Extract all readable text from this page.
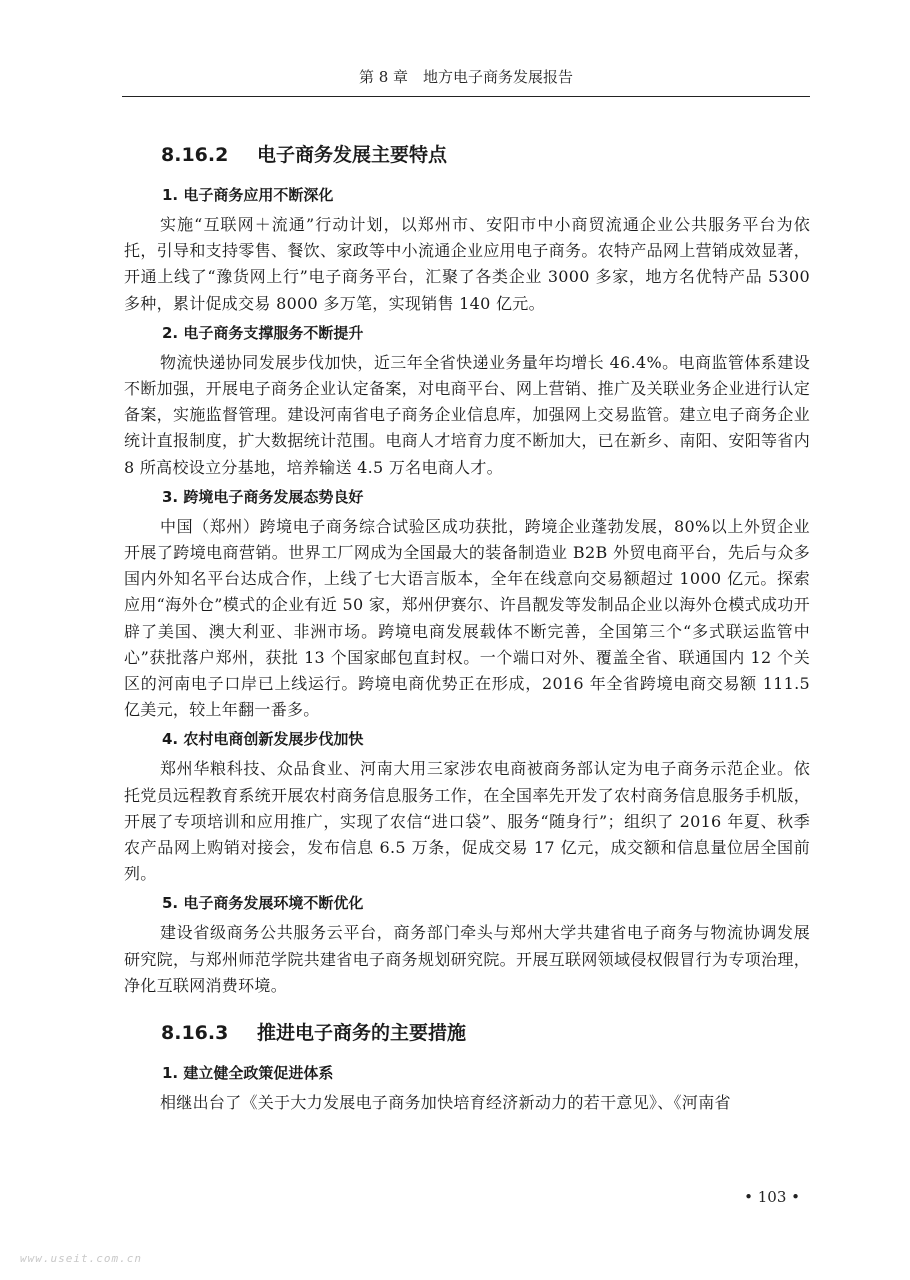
第 8 章　地方电子商务发展报告
8.16.2 电子商务发展主要特点
1. 电子商务应用不断深化

实施“互联网＋流通”行动计划，以郑州市、安阳市中小商贸流通企业公共服务平台为依托，引导和支持零售、餐饮、家政等中小流通企业应用电子商务。农特产品网上营销成效显著，开通上线了“豫货网上行”电子商务平台，汇聚了各类企业 3000 多家，地方名优特产品 5300 多种，累计促成交易 8000 多万笔，实现销售 140 亿元。

2. 电子商务支撑服务不断提升

物流快递协同发展步伐加快，近三年全省快递业务量年均增长 46.4%。电商监管体系建设不断加强，开展电子商务企业认定备案，对电商平台、网上营销、推广及关联业务企业进行认定备案，实施监督管理。建设河南省电子商务企业信息库，加强网上交易监管。建立电子商务企业统计直报制度，扩大数据统计范围。电商人才培育力度不断加大，已在新乡、南阳、安阳等省内 8 所高校设立分基地，培养输送 4.5 万名电商人才。

3. 跨境电子商务发展态势良好

中国（郑州）跨境电子商务综合试验区成功获批，跨境企业蓬勃发展，80%以上外贸企业开展了跨境电商营销。世界工厂网成为全国最大的装备制造业 B2B 外贸电商平台，先后与众多国内外知名平台达成合作，上线了七大语言版本，全年在线意向交易额超过 1000 亿元。探索应用“海外仓”模式的企业有近 50 家，郑州伊赛尔、许昌靓发等发制品企业以海外仓模式成功开辟了美国、澳大利亚、非洲市场。跨境电商发展载体不断完善，全国第三个“多式联运监管中心”获批落户郑州，获批 13 个国家邮包直封权。一个端口对外、覆盖全省、联通国内 12 个关区的河南电子口岸已上线运行。跨境电商优势正在形成，2016 年全省跨境电商交易额 111.5 亿美元，较上年翻一番多。

4. 农村电商创新发展步伐加快

郑州华粮科技、众品食业、河南大用三家涉农电商被商务部认定为电子商务示范企业。依托党员远程教育系统开展农村商务信息服务工作，在全国率先开发了农村商务信息服务手机版，开展了专项培训和应用推广，实现了农信“进口袋”、服务“随身行”；组织了 2016 年夏、秋季农产品网上购销对接会，发布信息 6.5 万条，促成交易 17 亿元，成交额和信息量位居全国前列。

5. 电子商务发展环境不断优化

建设省级商务公共服务云平台，商务部门牵头与郑州大学共建省电子商务与物流协调发展研究院，与郑州师范学院共建省电子商务规划研究院。开展互联网领域侵权假冒行为专项治理，净化互联网消费环境。

8.16.3 推进电子商务的主要措施
1. 建立健全政策促进体系

相继出台了《关于大力发展电子商务加快培育经济新动力的若干意见》、《河南省

• 103 •
www.useit.com.cn
